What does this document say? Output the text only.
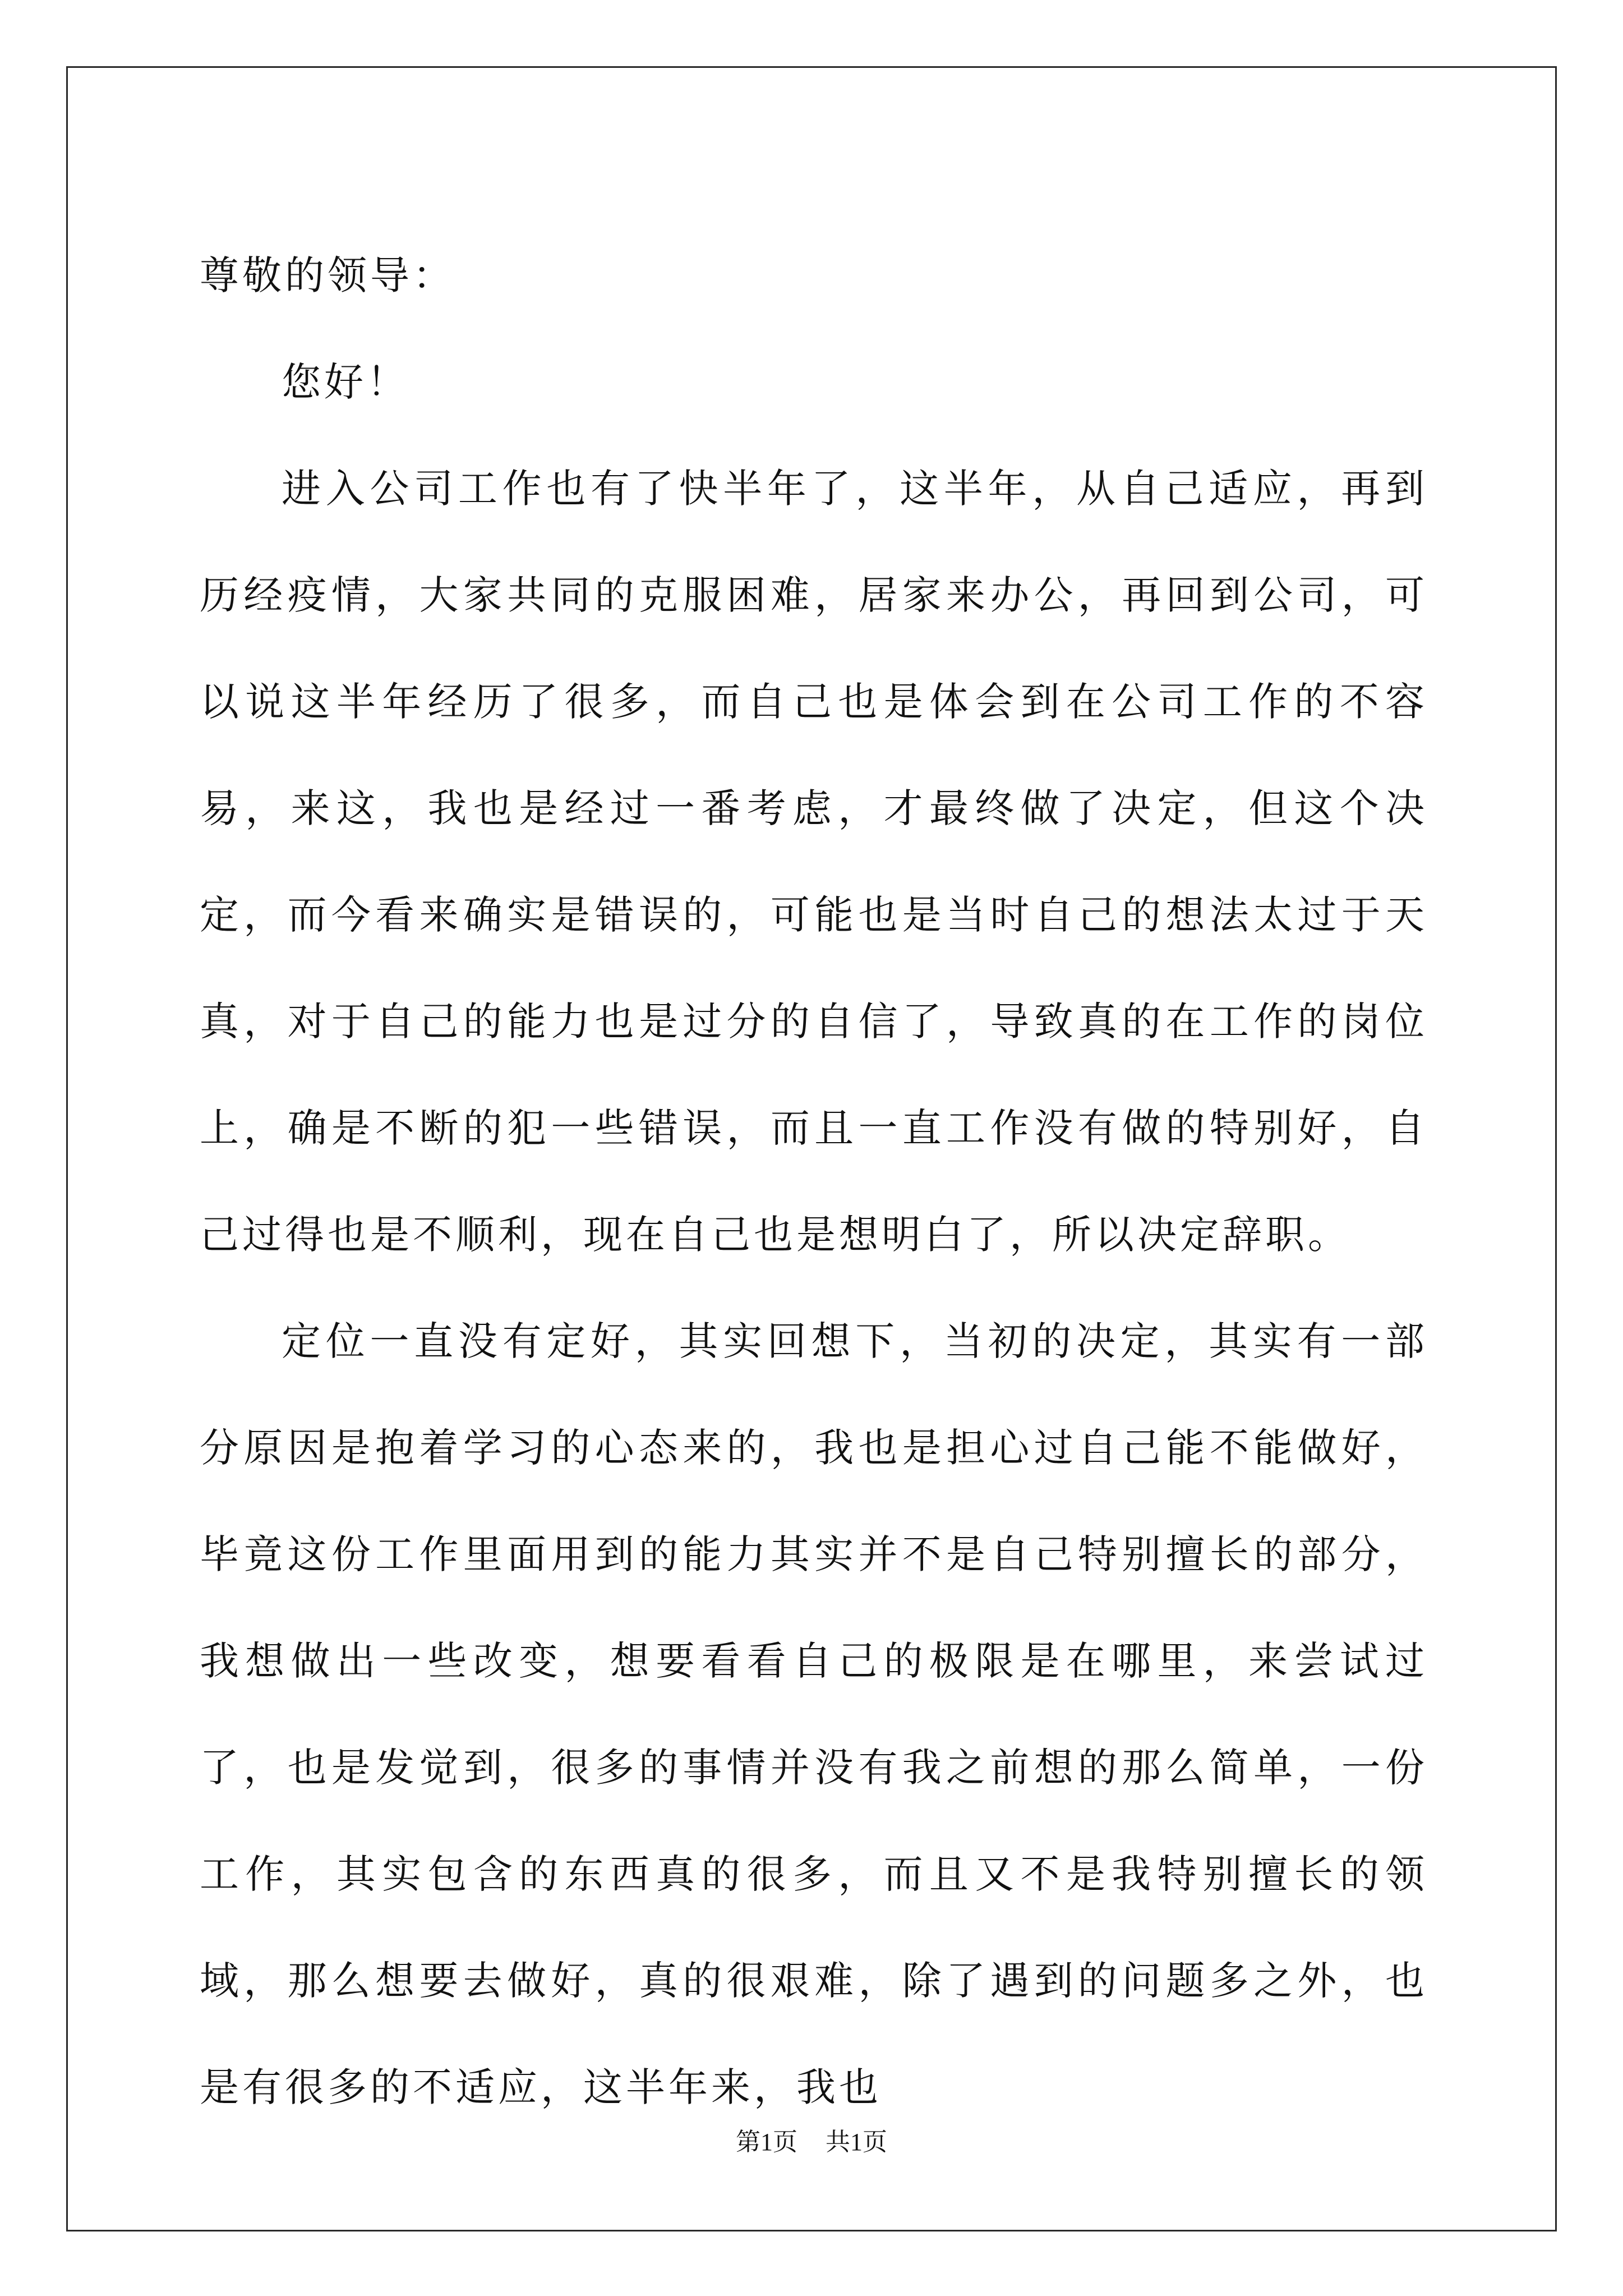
尊敬的领导：

您好！

进入公司工作也有了快半年了，这半年，从自己适应，再到历经疫情，大家共同的克服困难，居家来办公，再回到公司，可以说这半年经历了很多，而自己也是体会到在公司工作的不容易，来这，我也是经过一番考虑，才最终做了决定，但这个决定，而今看来确实是错误的，可能也是当时自己的想法太过于天真，对于自己的能力也是过分的自信了，导致真的在工作的岗位上，确是不断的犯一些错误，而且一直工作没有做的特别好，自己过得也是不顺利，现在自己也是想明白了，所以决定辞职。

定位一直没有定好，其实回想下，当初的决定，其实有一部分原因是抱着学习的心态来的，我也是担心过自己能不能做好，毕竟这份工作里面用到的能力其实并不是自己特别擅长的部分，我想做出一些改变，想要看看自己的极限是在哪里，来尝试过了，也是发觉到，很多的事情并没有我之前想的那么简单，一份工作，其实包含的东西真的很多，而且又不是我特别擅长的领域，那么想要去做好，真的很艰难，除了遇到的问题多之外，也是有很多的不适应，这半年来，我也

第1页 共1页
